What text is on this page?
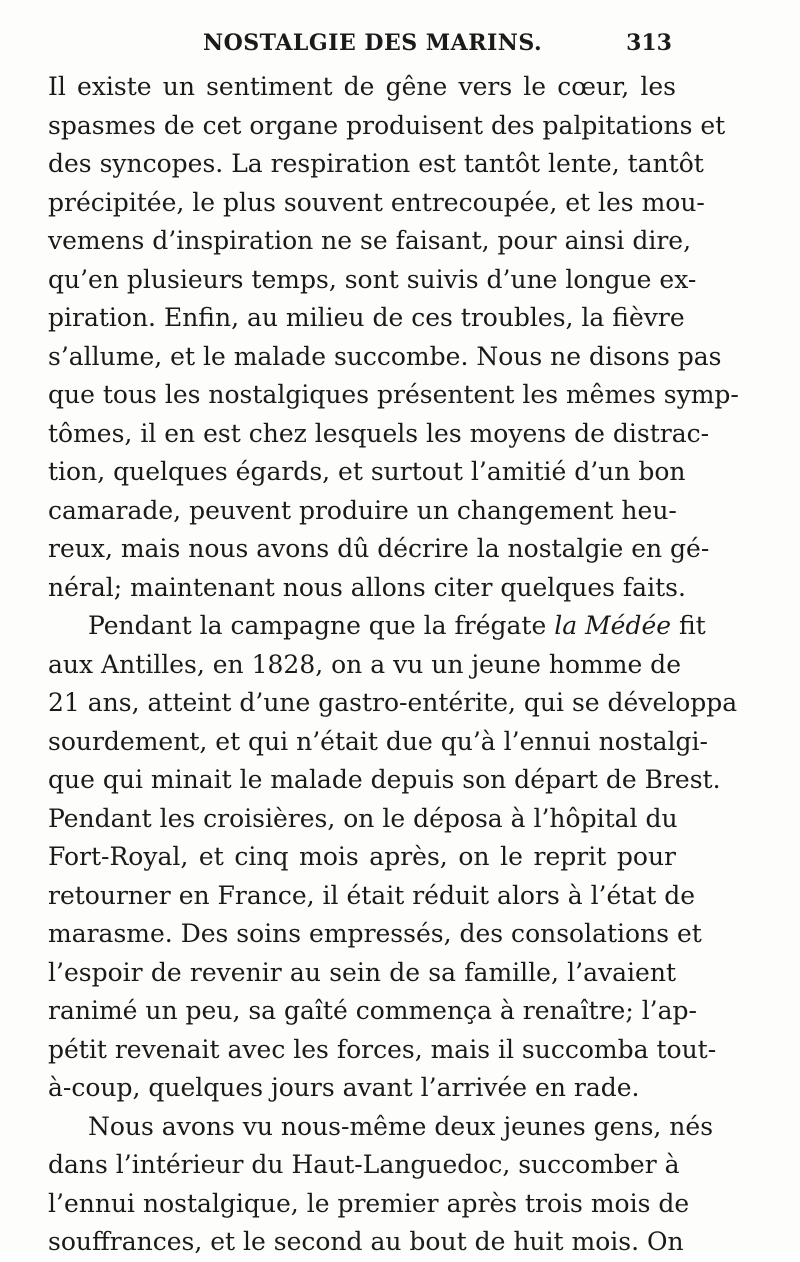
NOSTALGIE DES MARINS.	313
Il existe un sentiment de gêne vers le cœur, les
spasmes de cet organe produisent des palpitations et
des syncopes. La respiration est tantôt lente, tantôt
précipitée, le plus souvent entrecoupée, et les mou-
vemens d’inspiration ne se faisant, pour ainsi dire,
qu’en plusieurs temps, sont suivis d’une longue ex-
piration. Enfin, au milieu de ces troubles, la fièvre
s’allume, et le malade succombe. Nous ne disons pas
que tous les nostalgiques présentent les mêmes symp-
tômes, il en est chez lesquels les moyens de distrac-
tion, quelques égards, et surtout l’amitié d’un bon
camarade, peuvent produire un changement heu-
reux, mais nous avons dû décrire la nostalgie en gé-
néral; maintenant nous allons citer quelques faits.
Pendant la campagne que la frégate la Médée fit
aux Antilles, en 1828, on a vu un jeune homme de
21 ans, atteint d’une gastro-entérite, qui se développa
sourdement, et qui n’était due qu’à l’ennui nostalgi-
que qui minait le malade depuis son départ de Brest.
Pendant les croisières, on le déposa à l’hôpital du
Fort-Royal, et cinq mois après, on le reprit pour
retourner en France, il était réduit alors à l’état de
marasme. Des soins empressés, des consolations et
l’espoir de revenir au sein de sa famille, l’avaient
ranimé un peu, sa gaîté commença à renaître; l’ap-
pétit revenait avec les forces, mais il succomba tout-
à-coup, quelques jours avant l’arrivée en rade.
Nous avons vu nous-même deux jeunes gens, nés
dans l’intérieur du Haut-Languedoc, succomber à
l’ennui nostalgique, le premier après trois mois de
souffrances, et le second au bout de huit mois. On
